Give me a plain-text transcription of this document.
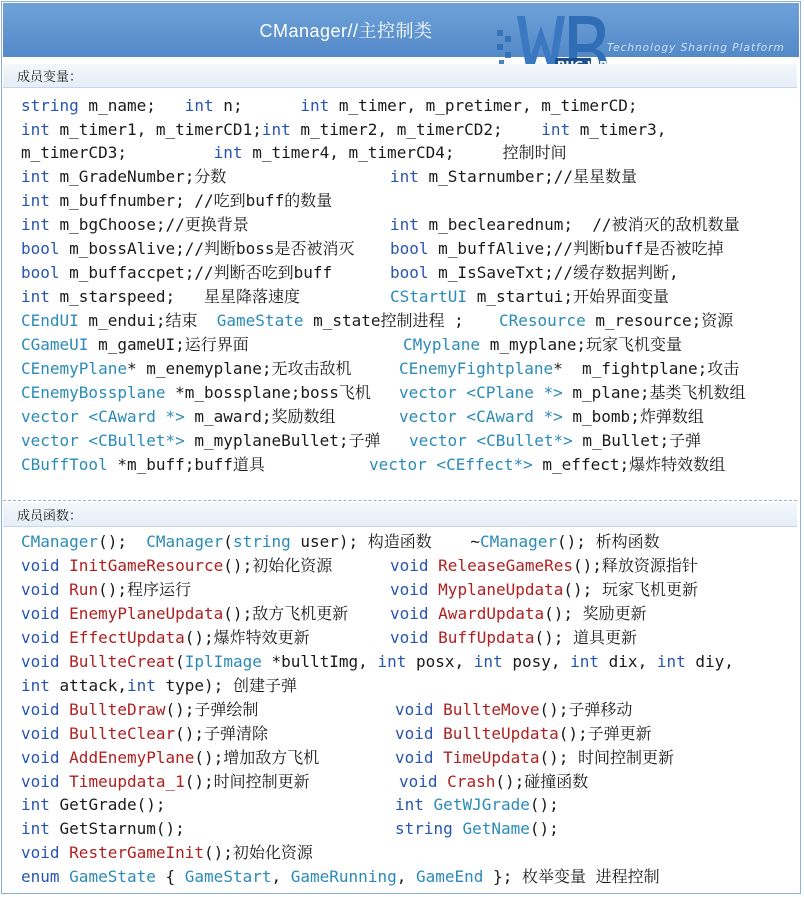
CManager//主控制类
Technology Sharing Platform
成员变量：
成员函数：
string m_name;   int n;      int m_timer, m_pretimer, m_timerCD;
int m_timer1, m_timerCD1;int m_timer2, m_timerCD2;    int m_timer3,
m_timerCD3;         int m_timer4, m_timerCD4;     控制时间
int m_GradeNumber;分数
int m_buffnumber; //吃到buff的数量
int m_bgChoose;//更换背景
bool m_bossAlive;//判断boss是否被消灭
bool m_buffaccpet;//判断否吃到buff
int m_starspeed;   星星降落速度
CEndUI m_endui;结束  GameState m_state控制进程 ;
CGameUI m_gameUI;运行界面
CEnemyPlane* m_enemyplane;无攻击敌机
CEnemyBossplane *m_bossplane;boss飞机
vector <CAward *> m_award;奖励数组
vector <CBullet*> m_myplaneBullet;子弹
CBuffTool *m_buff;buff道具
int m_Starnumber;//星星数量
int m_beclearednum;  //被消灭的敌机数量
bool m_buffAlive;//判断buff是否被吃掉
bool m_IsSaveTxt;//缓存数据判断,
CStartUI m_startui;开始界面变量
CResource m_resource;资源
CMyplane m_myplane;玩家飞机变量
CEnemyFightplane*  m_fightplane;攻击
vector <CPlane *> m_plane;基类飞机数组
vector <CAward *> m_bomb;炸弹数组
vector <CBullet*> m_Bullet;子弹
vector <CEffect*> m_effect;爆炸特效数组
CManager();  CManager(string user); 构造函数    ~CManager(); 析构函数
void InitGameResource();初始化资源
void Run();程序运行
void EnemyPlaneUpdata();敌方飞机更新
void EffectUpdata();爆炸特效更新
void BullteCreat(IplImage *bulltImg, int posx, int posy, int dix, int diy,
int attack,int type); 创建子弹
void BullteDraw();子弹绘制
void BullteClear();子弹清除
void AddEnemyPlane();增加敌方飞机
void Timeupdata_1();时间控制更新
int GetGrade();
int GetStarnum();
void ResterGameInit();初始化资源
enum GameState { GameStart, GameRunning, GameEnd }; 枚举变量 进程控制
void ReleaseGameRes();释放资源指针
void MyplaneUpdata(); 玩家飞机更新
void AwardUpdata(); 奖励更新
void BuffUpdata(); 道具更新
void BullteMove();子弹移动
void BullteUpdata();子弹更新
void TimeUpdata(); 时间控制更新
void Crash();碰撞函数
int GetWJGrade();
string GetName();
